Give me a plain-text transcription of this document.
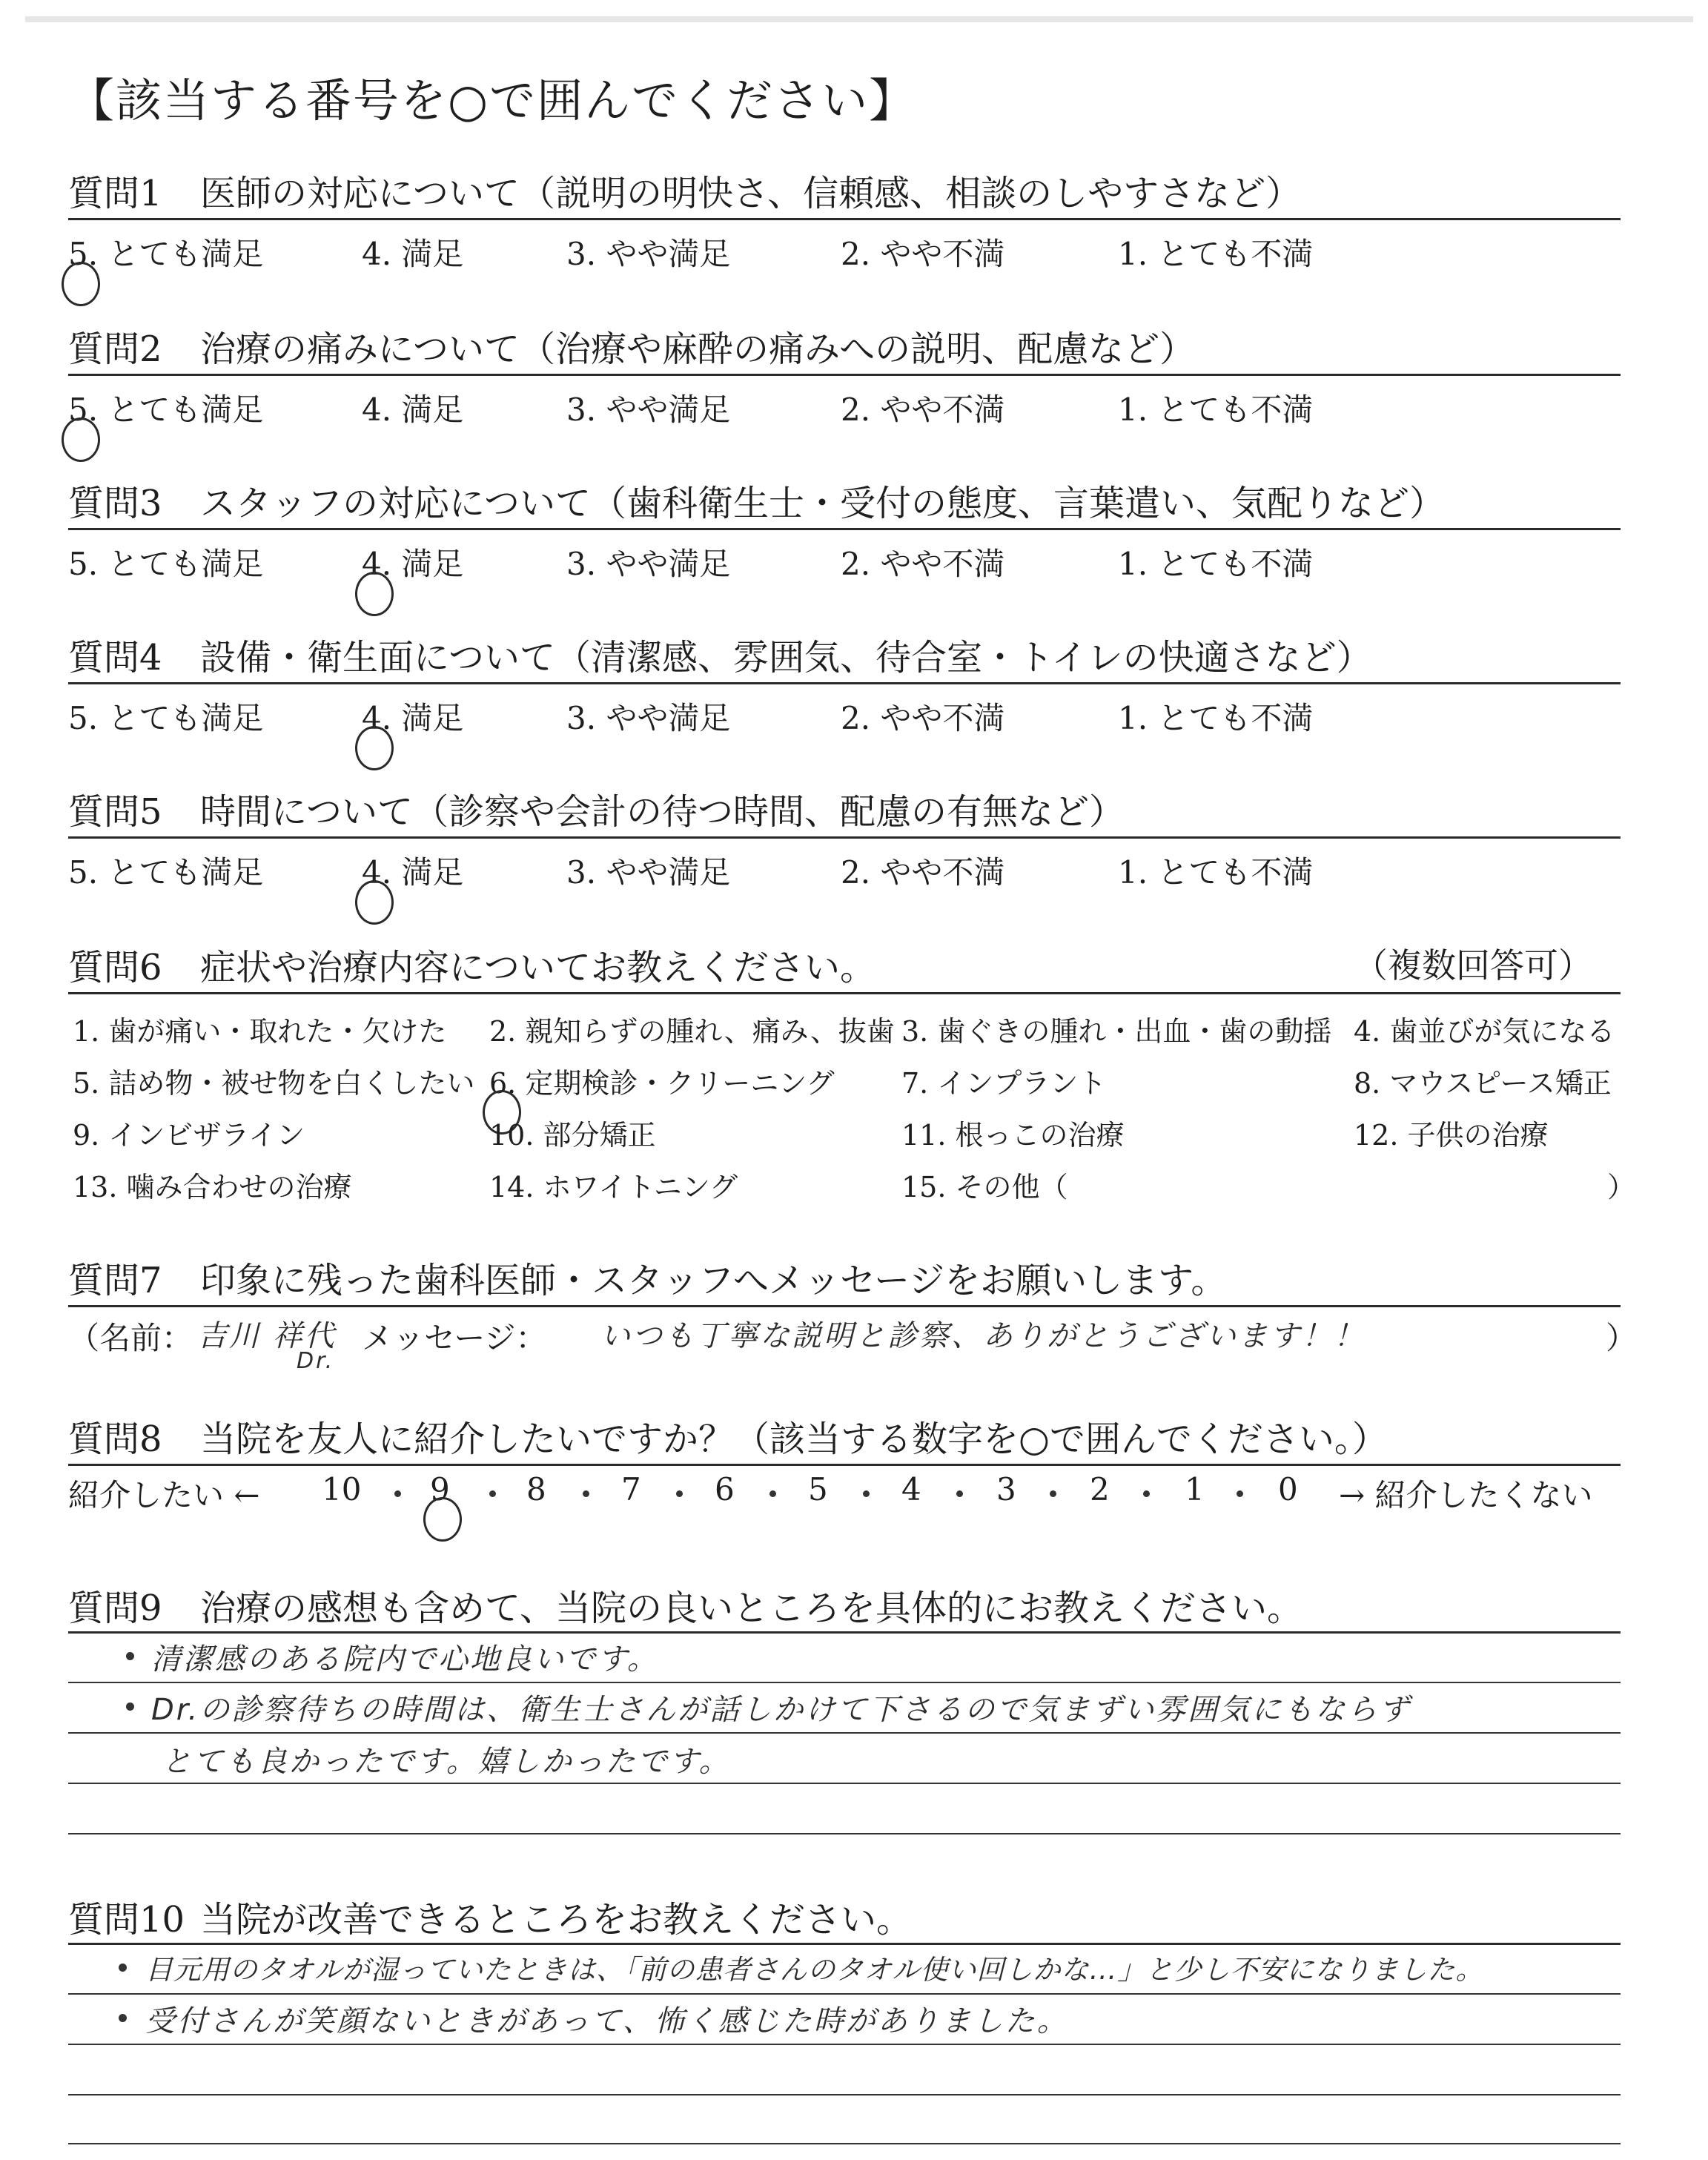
【該当する番号を○で囲んでください】
質問1 医師の対応について（説明の明快さ、信頼感、相談のしやすさなど）
5. とても満足	4. 満足	3. やや満足	2. やや不満	1. とても不満
質問2 治療の痛みについて（治療や麻酔の痛みへの説明、配慮など）
5. とても満足	4. 満足	3. やや満足	2. やや不満	1. とても不満
質問3 スタッフの対応について（歯科衛生士・受付の態度、言葉遣い、気配りなど）
5. とても満足	4. 満足	3. やや満足	2. やや不満	1. とても不満
質問4 設備・衛生面について（清潔感、雰囲気、待合室・トイレの快適さなど）
5. とても満足	4. 満足	3. やや満足	2. やや不満	1. とても不満
質問5 時間について（診察や会計の待つ時間、配慮の有無など）
5. とても満足	4. 満足	3. やや満足	2. やや不満	1. とても不満
質問6 症状や治療内容についてお教えください。	（複数回答可）
1. 歯が痛い・取れた・欠けた 2. 親知らずの腫れ、痛み、抜歯 3. 歯ぐきの腫れ・出血・歯の動揺 4. 歯並びが気になる
5. 詰め物・被せ物を白くしたい 6. 定期検診・クリーニング 7. インプラント	8. マウスピース矯正
9. インビザライン	10. 部分矯正	11. 根っこの治療	12. 子供の治療
13. 噛み合わせの治療	14. ホワイトニング	15. その他（	）
質問7 印象に残った歯科医師・スタッフへメッセージをお願いします。
（名前： 吉川 祥代
Dr.
メッセージ： いつも丁寧な説明と診察、ありがとうございます！！	）
質問8 当院を友人に紹介したいですか？（該当する数字を○で囲んでください。）
紹介したい ←	→ 紹介したくない
10 9 8 7 6 5 4 3 2 1 0
質問9 治療の感想も含めて、当院の良いところを具体的にお教えください。
清潔感のある院内で心地良いです。
Dr.の診察待ちの時間は、衛生士さんが話しかけて下さるので気まずい雰囲気にもならず
とても良かったです。嬉しかったです。
質問10 当院が改善できるところをお教えください。
目元用のタオルが湿っていたときは、「前の患者さんのタオル使い回しかな…」と少し不安になりました。
受付さんが笑顔ないときがあって、怖く感じた時がありました。
